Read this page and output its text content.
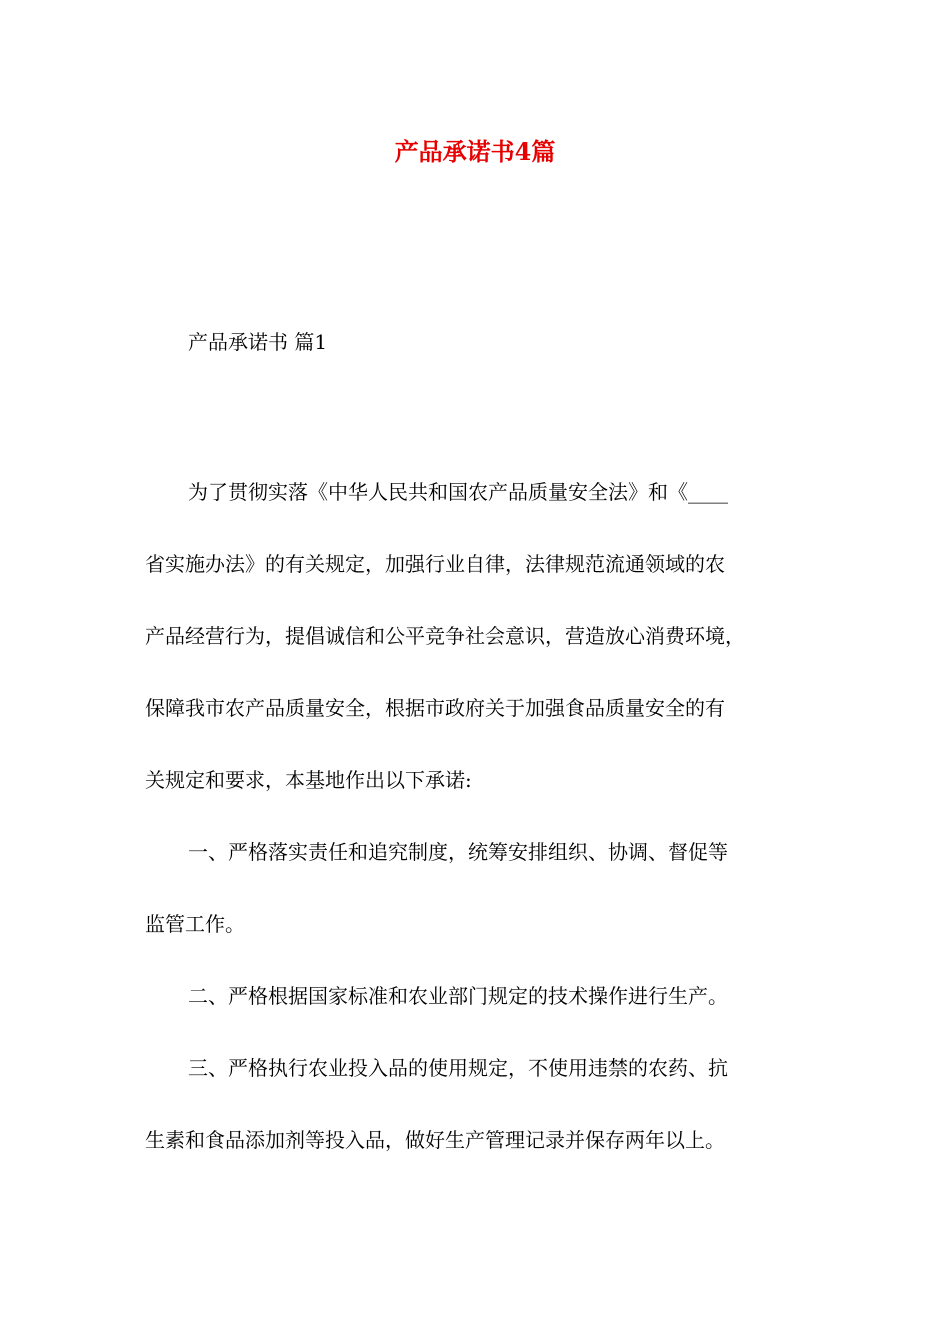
产品承诺书4篇
产品承诺书 篇1
为了贯彻实落《中华人民共和国农产品质量安全法》和《____
省实施办法》的有关规定，加强行业自律，法律规范流通领域的农
产品经营行为，提倡诚信和公平竞争社会意识，营造放心消费环境，
保障我市农产品质量安全，根据市政府关于加强食品质量安全的有
关规定和要求，本基地作出以下承诺:
一、严格落实责任和追究制度，统筹安排组织、协调、督促等
监管工作。
二、严格根据国家标准和农业部门规定的技术操作进行生产。
三、严格执行农业投入品的使用规定，不使用违禁的农药、抗
生素和食品添加剂等投入品，做好生产管理记录并保存两年以上。
